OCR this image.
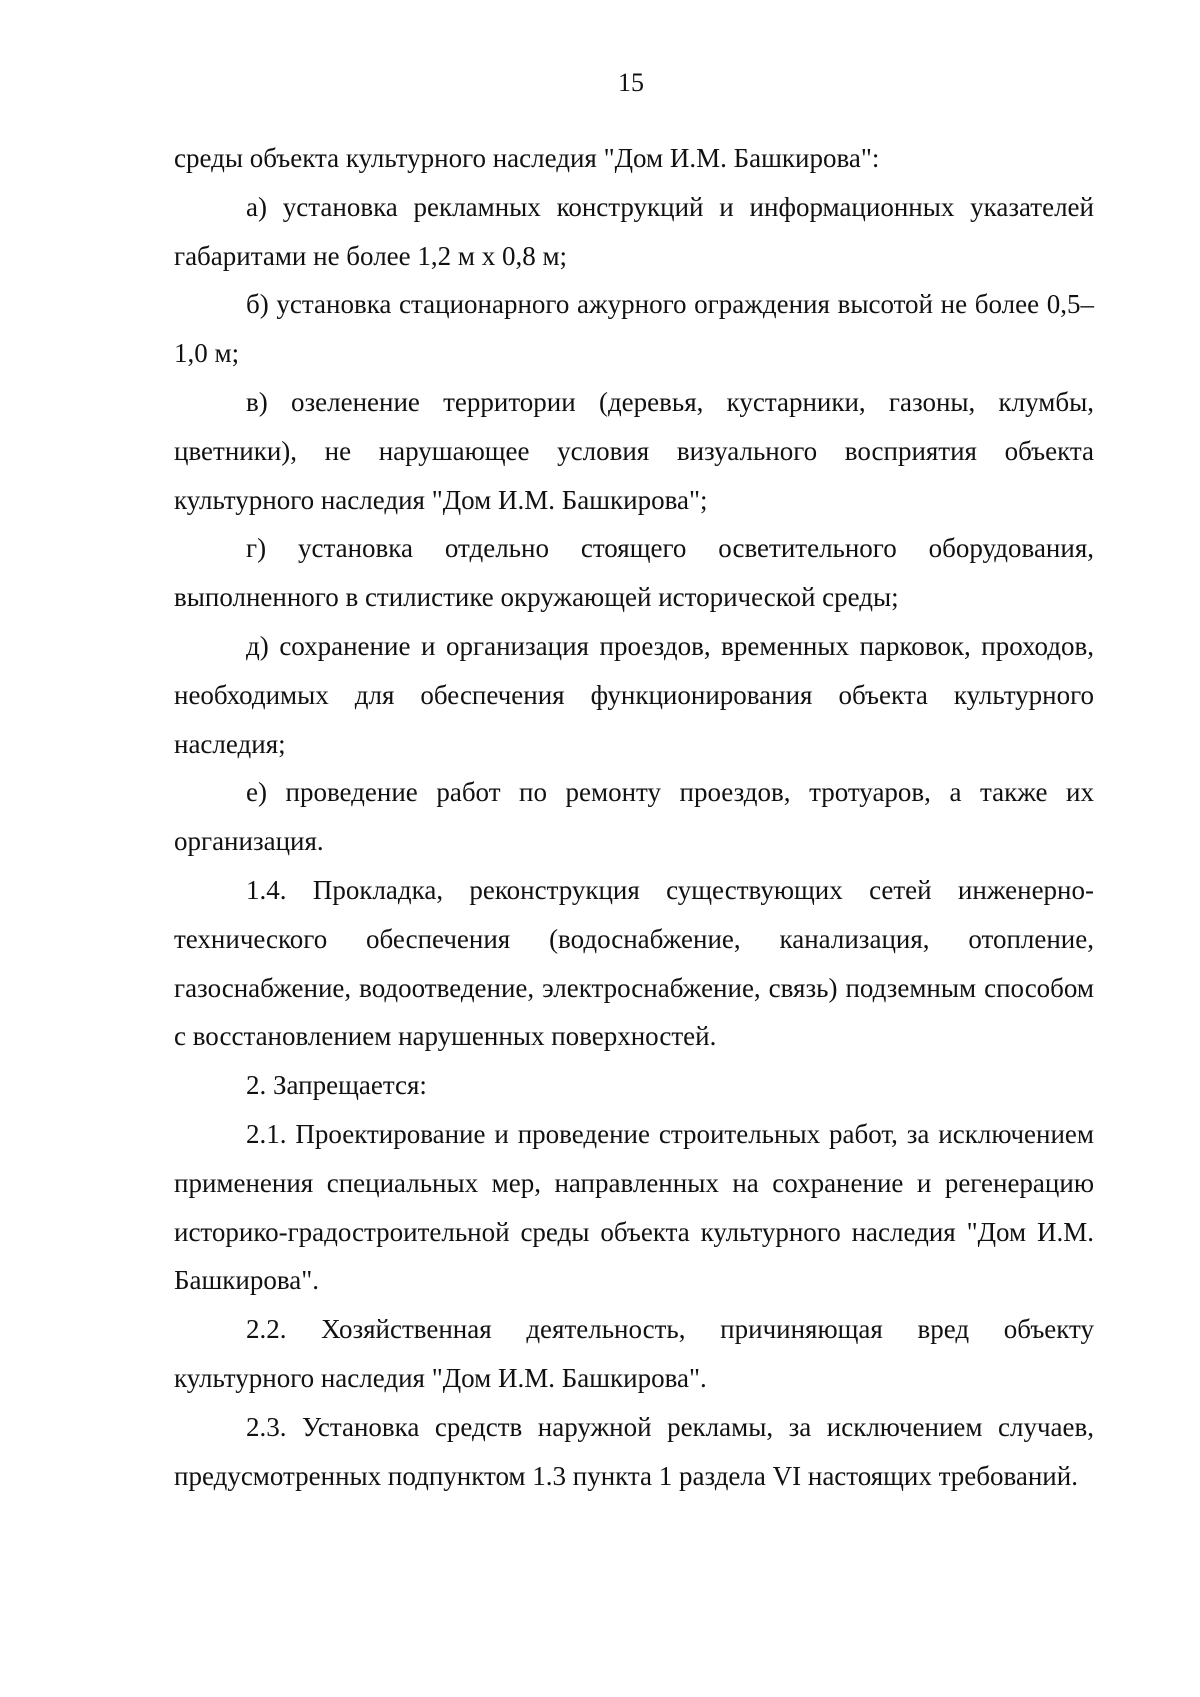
15

среды объекта культурного наследия "Дом И.М. Башкирова":

а) установка рекламных конструкций и информационных указателей габаритами не более 1,2 м х 0,8 м;

б) установка стационарного ажурного ограждения высотой не более 0,5–1,0 м;

в) озеленение территории (деревья, кустарники, газоны, клумбы, цветники), не нарушающее условия визуального восприятия объекта культурного наследия "Дом И.М. Башкирова";

г) установка отдельно стоящего осветительного оборудования, выполненного в стилистике окружающей исторической среды;

д) сохранение и организация проездов, временных парковок, проходов, необходимых для обеспечения функционирования объекта культурного наследия;

е) проведение работ по ремонту проездов, тротуаров, а также их организация.

1.4. Прокладка, реконструкция существующих сетей инженерно-технического обеспечения (водоснабжение, канализация, отопление, газоснабжение, водоотведение, электроснабжение, связь) подземным способом с восстановлением нарушенных поверхностей.

2. Запрещается:

2.1. Проектирование и проведение строительных работ, за исключением применения специальных мер, направленных на сохранение и регенерацию историко-градостроительной среды объекта культурного наследия "Дом И.М. Башкирова".

2.2. Хозяйственная деятельность, причиняющая вред объекту культурного наследия "Дом И.М. Башкирова".

2.3. Установка средств наружной рекламы, за исключением случаев, предусмотренных подпунктом 1.3 пункта 1 раздела VI настоящих требований.
